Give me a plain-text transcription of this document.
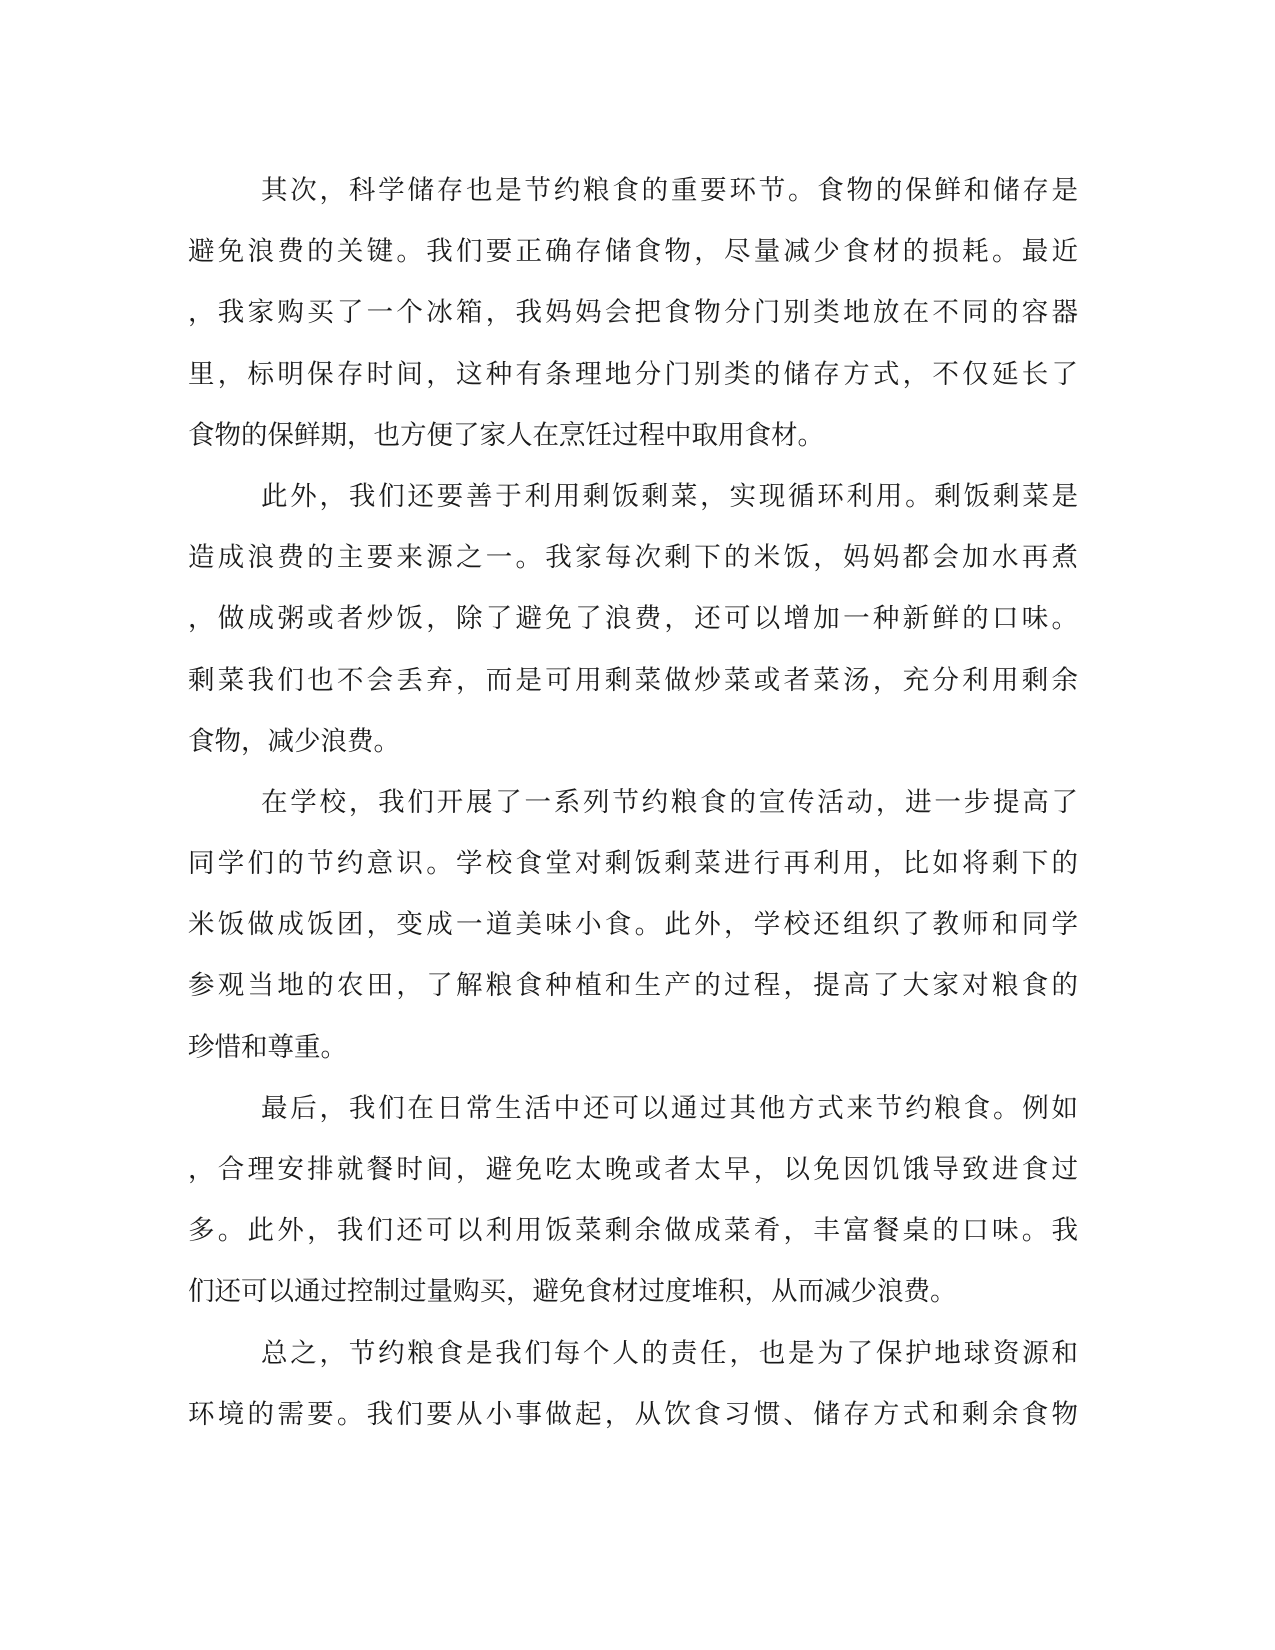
其次，科学储存也是节约粮食的重要环节。食物的保鲜和储存是
避免浪费的关键。我们要正确存储食物，尽量减少食材的损耗。最近
，我家购买了一个冰箱，我妈妈会把食物分门别类地放在不同的容器
里，标明保存时间，这种有条理地分门别类的储存方式，不仅延长了
食物的保鲜期，也方便了家人在烹饪过程中取用食材。
此外，我们还要善于利用剩饭剩菜，实现循环利用。剩饭剩菜是
造成浪费的主要来源之一。我家每次剩下的米饭，妈妈都会加水再煮
，做成粥或者炒饭，除了避免了浪费，还可以增加一种新鲜的口味。
剩菜我们也不会丢弃，而是可用剩菜做炒菜或者菜汤，充分利用剩余
食物，减少浪费。
在学校，我们开展了一系列节约粮食的宣传活动，进一步提高了
同学们的节约意识。学校食堂对剩饭剩菜进行再利用，比如将剩下的
米饭做成饭团，变成一道美味小食。此外，学校还组织了教师和同学
参观当地的农田，了解粮食种植和生产的过程，提高了大家对粮食的
珍惜和尊重。
最后，我们在日常生活中还可以通过其他方式来节约粮食。例如
，合理安排就餐时间，避免吃太晚或者太早，以免因饥饿导致进食过
多。此外，我们还可以利用饭菜剩余做成菜肴，丰富餐桌的口味。我
们还可以通过控制过量购买，避免食材过度堆积，从而减少浪费。
总之，节约粮食是我们每个人的责任，也是为了保护地球资源和
环境的需要。我们要从小事做起，从饮食习惯、储存方式和剩余食物
